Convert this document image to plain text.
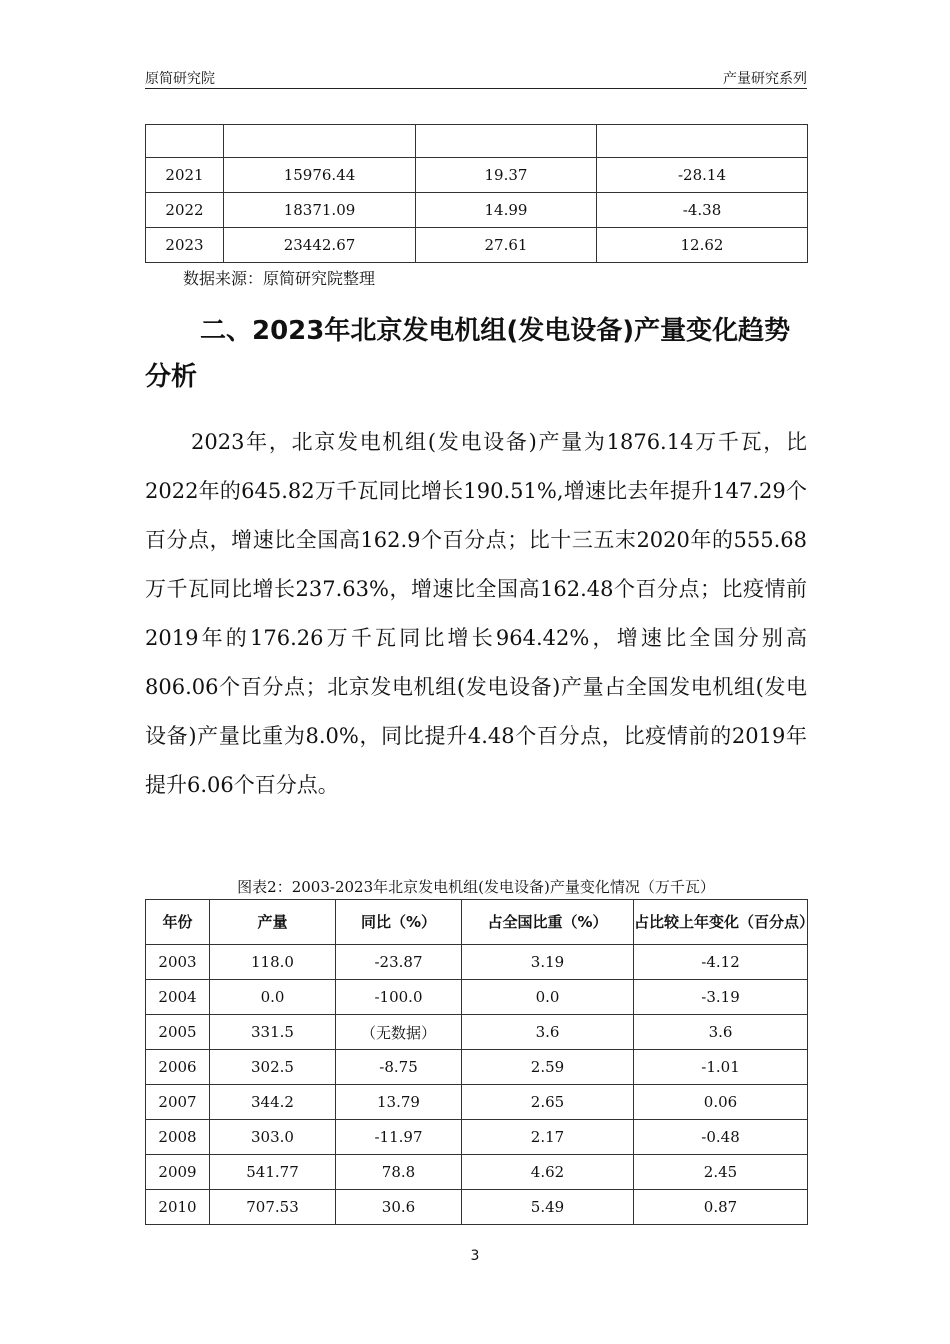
原简研究院	产量研究系列

2021	15976.44	19.37	-28.14
2022	18371.09	14.99	-4.38
2023	23442.67	27.61	12.62
数据来源：原简研究院整理
二、2023年北京发电机组(发电设备)产量变化趋势分析
2023年，北京发电机组(发电设备)产量为1876.14万千瓦，比2022年的645.82万千瓦同比增长190.51%,增速比去年提升147.29个百分点，增速比全国高162.9个百分点；比十三五末2020年的555.68万千瓦同比增长237.63%，增速比全国高162.48个百分点；比疫情前2019年的176.26万千瓦同比增长964.42%，增速比全国分别高806.06个百分点；北京发电机组(发电设备)产量占全国发电机组(发电设备)产量比重为8.0%，同比提升4.48个百分点，比疫情前的2019年提升6.06个百分点。
图表2：2003-2023年北京发电机组(发电设备)产量变化情况（万千瓦）
年份	产量	同比（%）	占全国比重（%）	占比较上年变化（百分点）
2003	118.0	-23.87	3.19	-4.12
2004	0.0	-100.0	0.0	-3.19
2005	331.5	（无数据）	3.6	3.6
2006	302.5	-8.75	2.59	-1.01
2007	344.2	13.79	2.65	0.06
2008	303.0	-11.97	2.17	-0.48
2009	541.77	78.8	4.62	2.45
2010	707.53	30.6	5.49	0.87
3
